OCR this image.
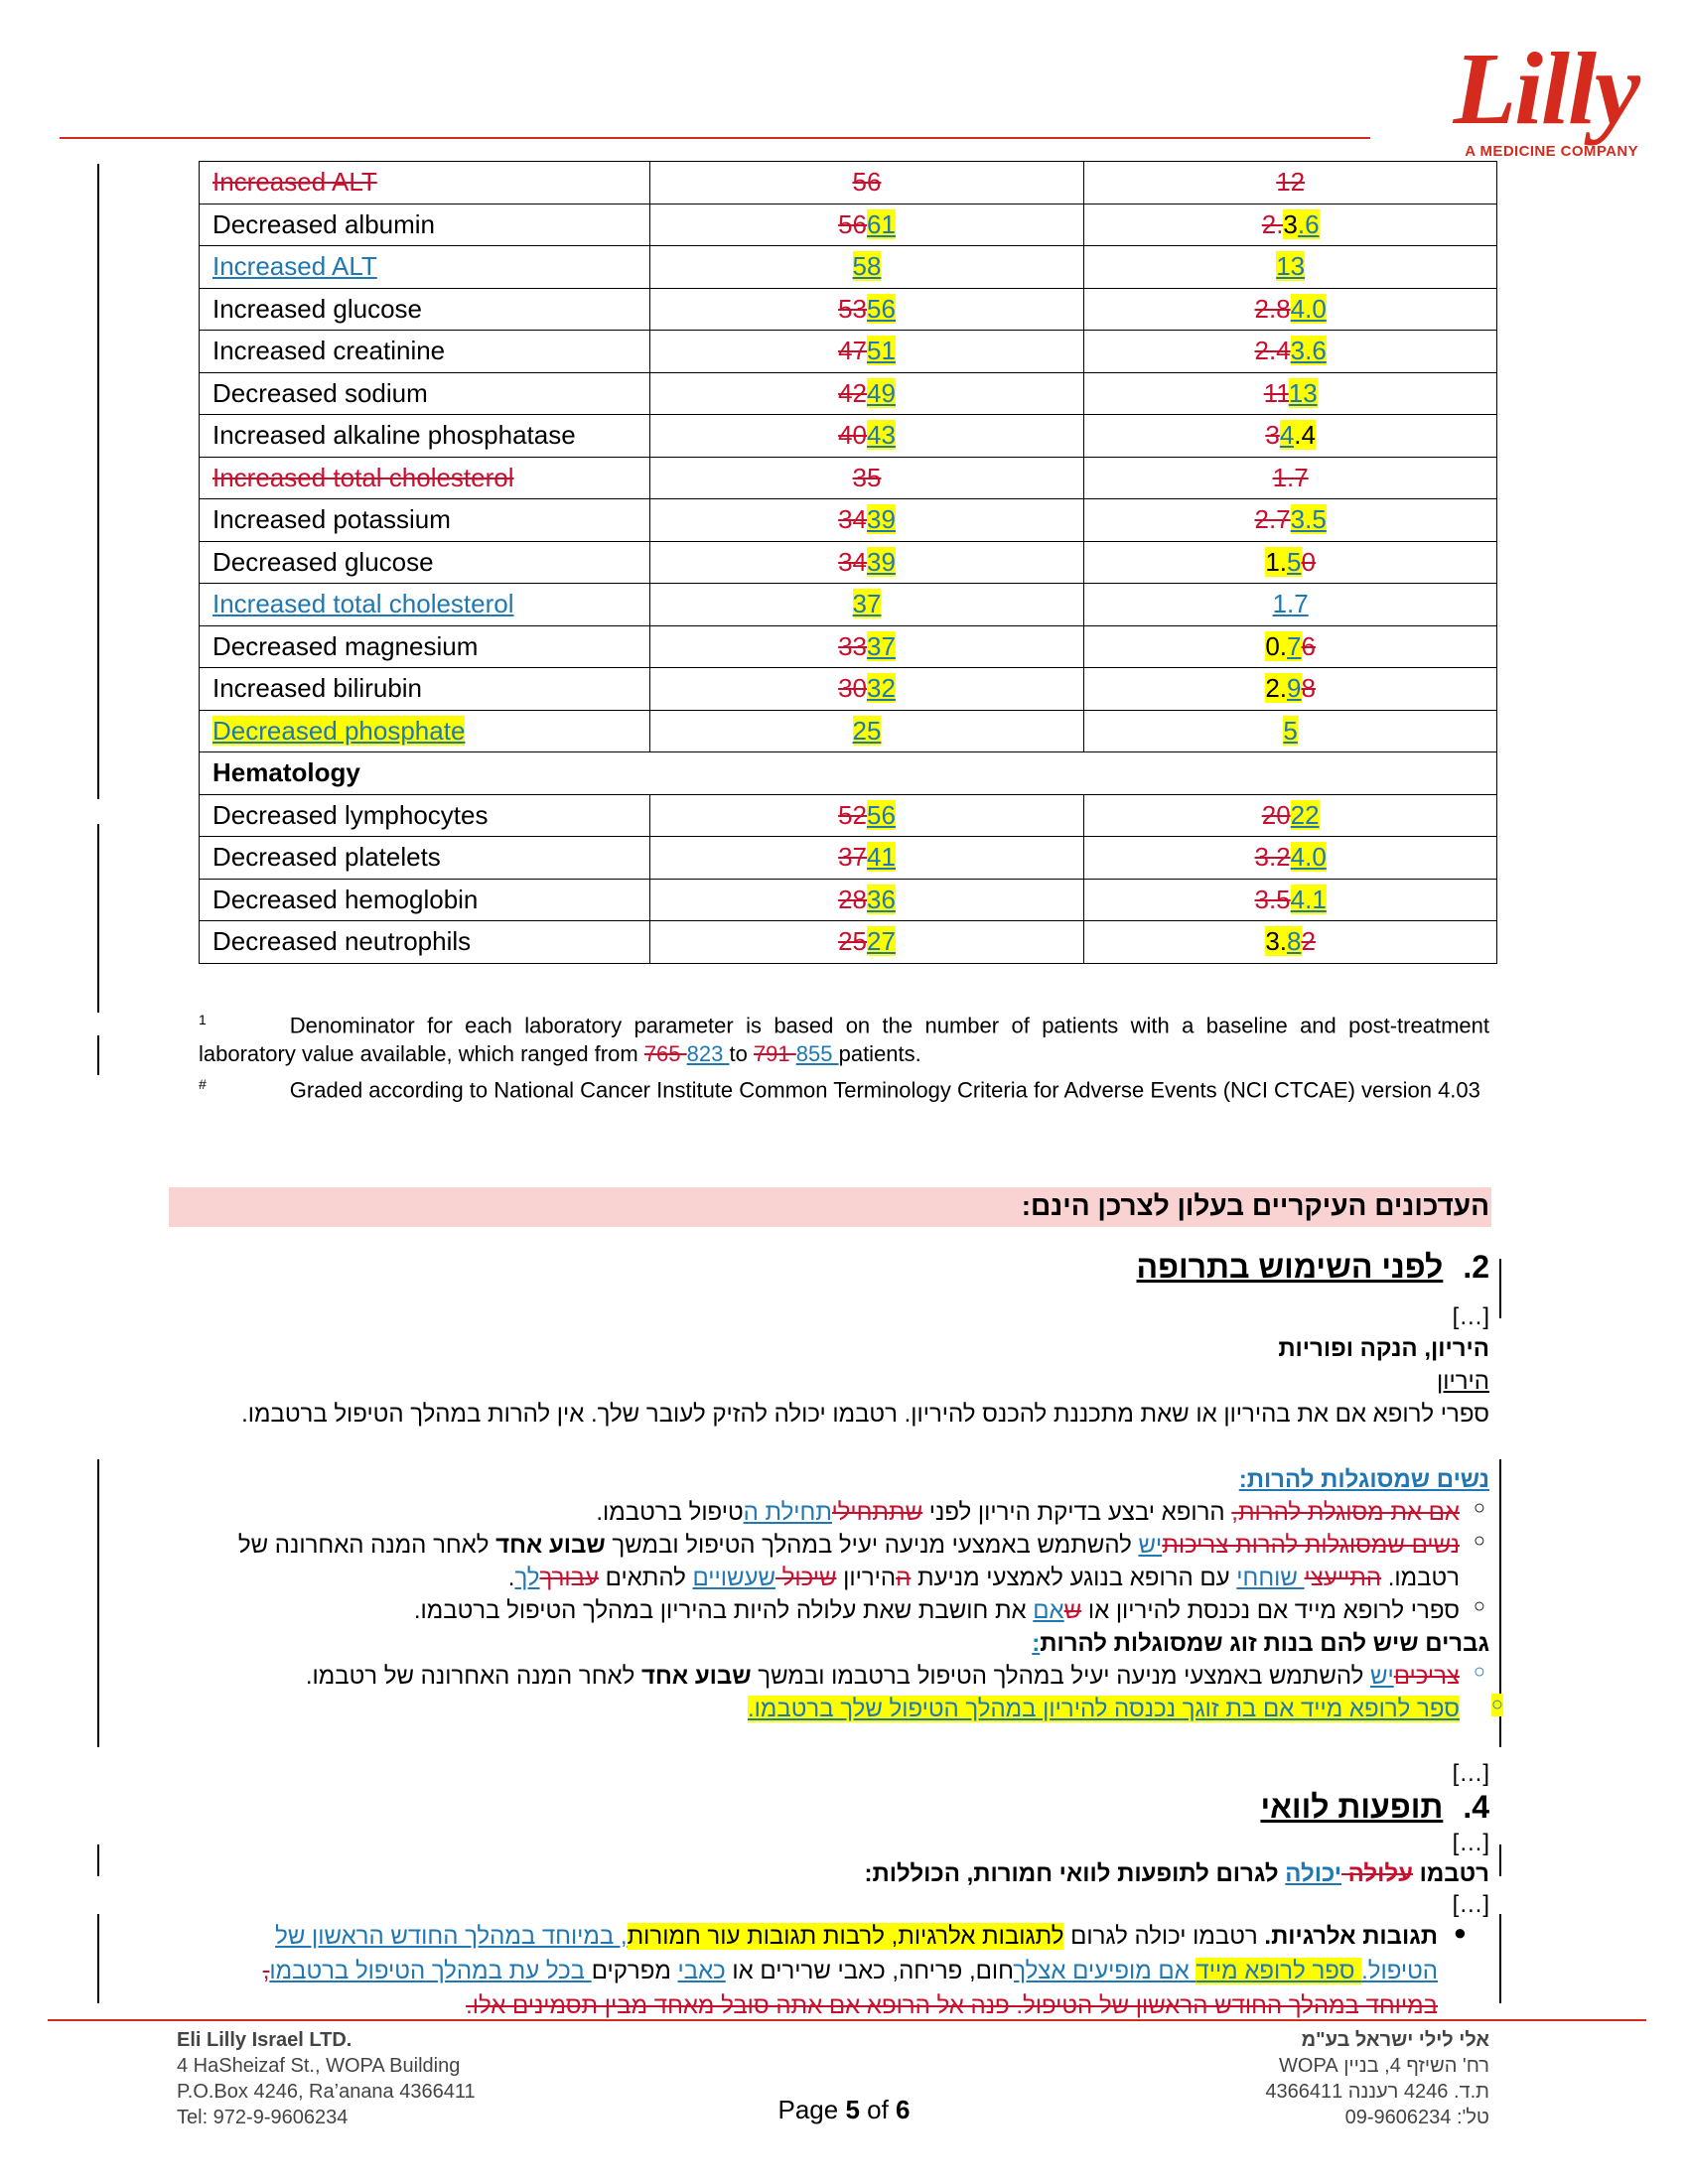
Lilly
A MEDICINE COMPANY
Increased ALT	56	12
Decreased albumin	5661	2.3.6
Increased ALT	58	13
Increased glucose	5356	2.84.0
Increased creatinine	4751	2.43.6
Decreased sodium	4249	1113
Increased alkaline phosphatase	4043	34.4
Increased total cholesterol	35	1.7
Increased potassium	3439	2.73.5
Decreased glucose	3439	1.50
Increased total cholesterol	37	1.7
Decreased magnesium	3337	0.76
Increased bilirubin	3032	2.98
Decreased phosphate	25	5
Hematology		
Decreased lymphocytes	5256	2022
Decreased platelets	3741	3.24.0
Decreased hemoglobin	2836	3.54.1
Decreased neutrophils	2527	3.82
$^1$	Denominator for each laboratory parameter is based on the number of patients with a baseline and post-treatment laboratory value available, which ranged from 765 823 to 791 855 patients.
#	Graded according to National Cancer Institute Common Terminology Criteria for Adverse Events (NCI CTCAE) version 4.03
העדכונים העיקריים בעלון לצרכן הינם:
2.לפני השימוש בתרופה
[…]
היריון, הנקה ופוריות
היריון
ספרי לרופא אם את בהיריון או שאת מתכננת להכנס להיריון. רטבמו יכולה להזיק לעובר שלך. אין להרות במהלך הטיפול ברטבמו.
נשים שמסוגלות להרות:
אם את מסוגלת להרות, הרופא יבצע בדיקת היריון לפני שתתחיליתחילת הטיפול ברטבמו.
נשים שמסוגלות להרות צריכותיש להשתמש באמצעי מניעה יעיל במהלך הטיפול ובמשך שבוע אחד לאחר המנה האחרונה של רטבמו. התייעצי שוחחי עם הרופא בנוגע לאמצעי מניעת ההיריון שיכול שעשויים להתאים עבורךלך.
ספרי לרופא מייד אם נכנסת להיריון או שאם את חושבת שאת עלולה להיות בהיריון במהלך הטיפול ברטבמו.
○
○
○
גברים שיש להם בנות זוג שמסוגלות להרות:
צריכיםיש להשתמש באמצעי מניעה יעיל במהלך הטיפול ברטבמו ובמשך שבוע אחד לאחר המנה האחרונה של רטבמו.
ספר לרופא מייד אם בת זוגך נכנסה להיריון במהלך הטיפול שלך ברטבמו.
○
○
[…]
4.תופעות לוואי
[…]
רטבמו עלולה יכולה לגרום לתופעות לוואי חמורות, הכוללות:
[…]
●
תגובות אלרגיות. רטבמו יכולה לגרום לתגובות אלרגיות, לרבות תגובות עור חמורות, במיוחד במהלך החודש הראשון של הטיפול. ספר לרופא מייד אם מופיעים אצלךחום, פריחה, כאבי שרירים או כאבי מפרקים בכל עת במהלך הטיפול ברטבמו, במיוחד במהלך החודש הראשון של הטיפול. פנה אל הרופא אם אתה סובל מאחד מבין תסמינים אלו.
Eli Lilly Israel LTD.
4 HaSheizaf St., WOPA Building
P.O.Box 4246, Ra’anana 4366411
Tel: 972-9-9606234
אלי לילי ישראל בע"מ
רח' השיזף 4, בניין WOPA
ת.ד. 4246 רעננה 4366411
טל': 09-9606234
Page 5 of 6
